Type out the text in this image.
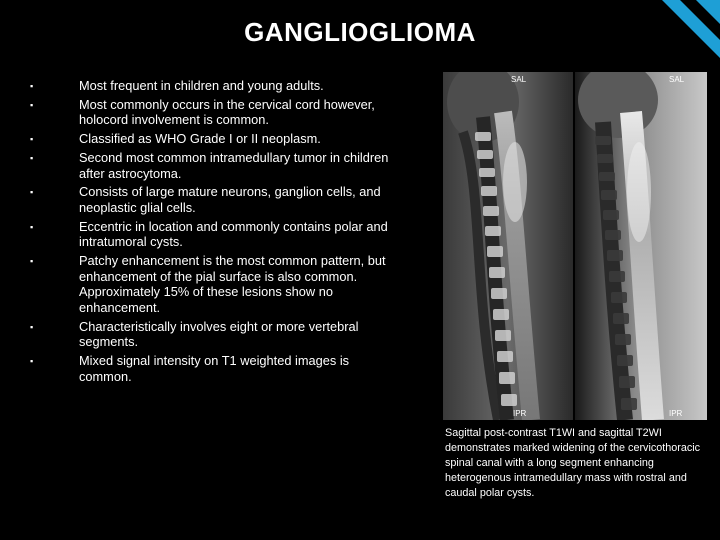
GANGLIOGLIOMA
▪	Most frequent in children and young adults.
▪	Most commonly occurs in the cervical cord however, holocord involvement is common.
▪	Classified as WHO Grade I or II neoplasm.
▪	Second most common intramedullary tumor in children after astrocytoma.
▪	Consists of large mature neurons, ganglion cells, and neoplastic glial cells.
▪	Eccentric in location and commonly contains polar and intratumoral cysts.
▪	Patchy enhancement is the most common pattern, but enhancement of the pial surface is also common. Approximately 15% of these lesions show no enhancement.
▪	Characteristically involves eight or more vertebral segments.
▪	Mixed signal intensity on T1 weighted images is common.
SAL
IPR
SAL
IPR
Sagittal post-contrast T1WI and sagittal T2WI demonstrates marked widening of the cervicothoracic spinal canal with a long segment enhancing heterogenous intramedullary mass with rostral and caudal polar cysts.
